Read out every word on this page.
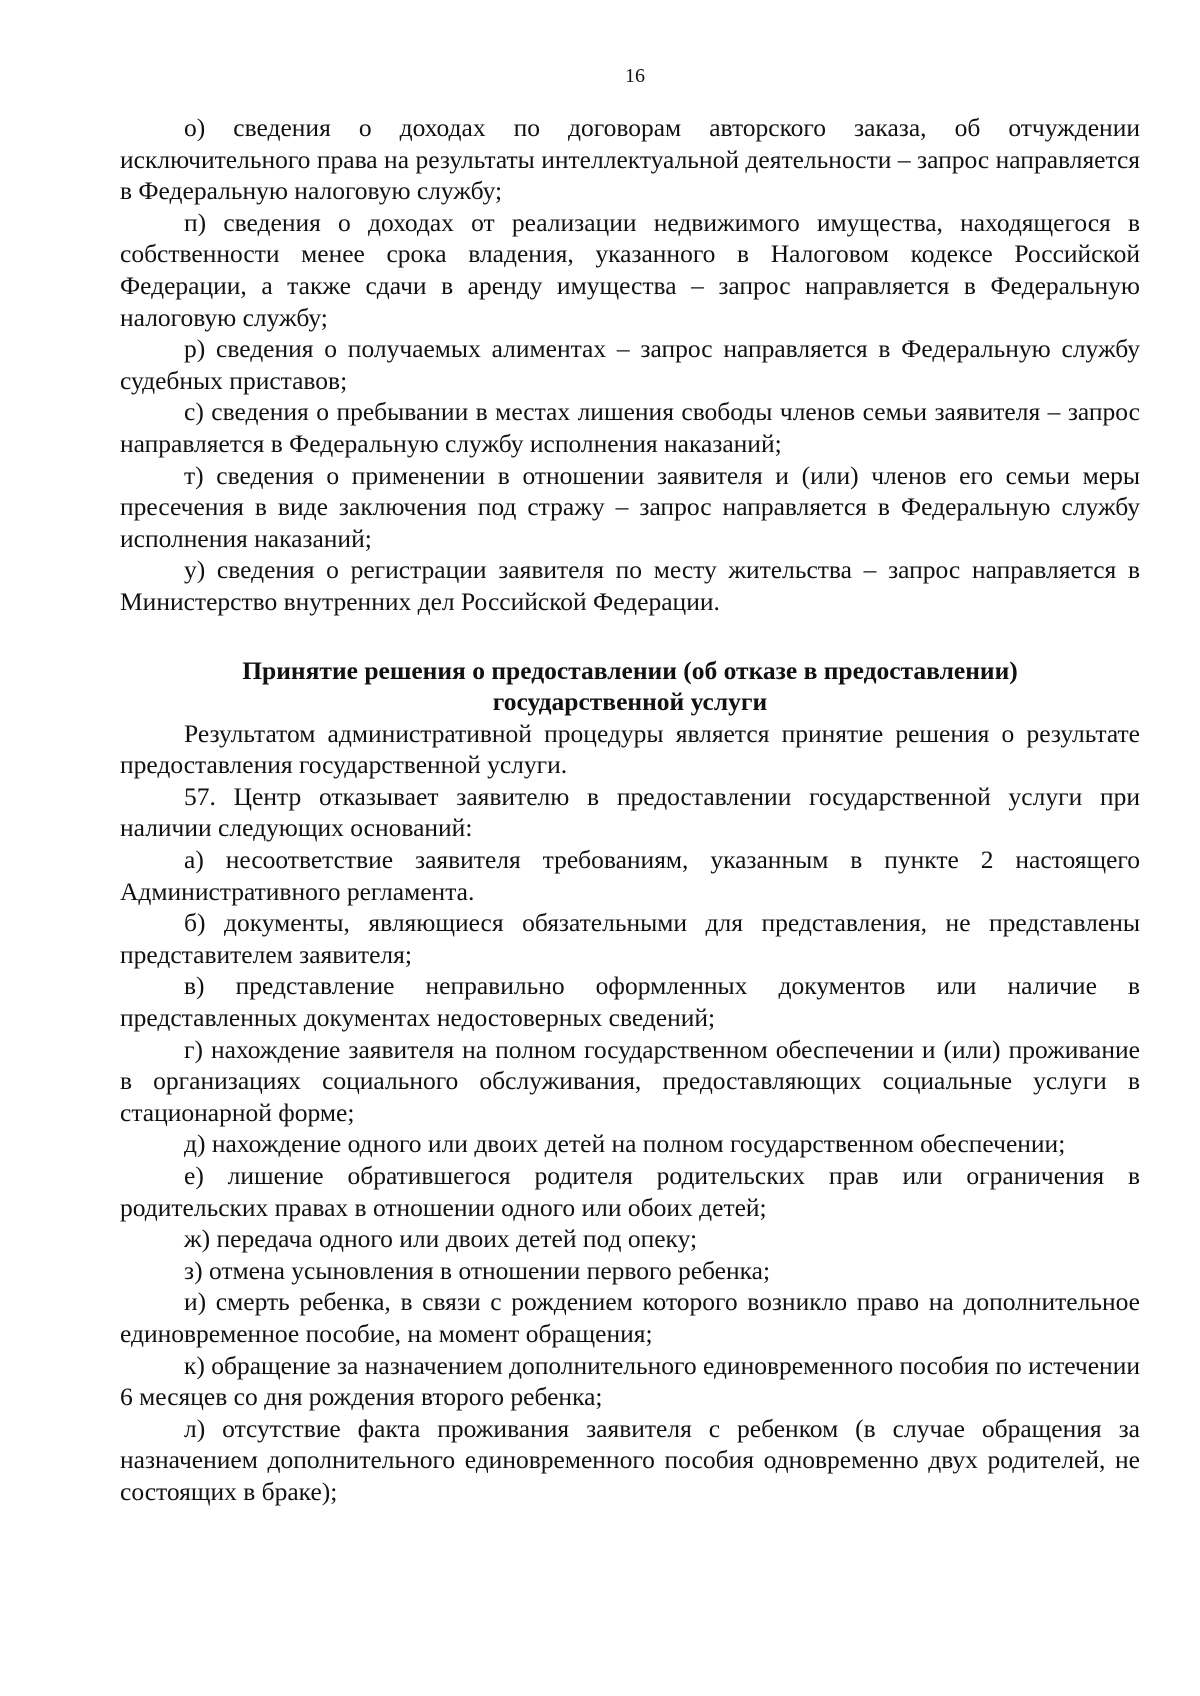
16

о) сведения о доходах по договорам авторского заказа, об отчуждении исключительного права на результаты интеллектуальной деятельности – запрос направляется в Федеральную налоговую службу;

п) сведения о доходах от реализации недвижимого имущества, находящегося в собственности менее срока владения, указанного в Налоговом кодексе Российской Федерации, а также сдачи в аренду имущества – запрос направляется в Федеральную налоговую службу;

р) сведения о получаемых алиментах – запрос направляется в Федеральную службу судебных приставов;

с) сведения о пребывании в местах лишения свободы членов семьи заявителя – запрос направляется в Федеральную службу исполнения наказаний;

т) сведения о применении в отношении заявителя и (или) членов его семьи меры пресечения в виде заключения под стражу – запрос направляется в Федеральную службу исполнения наказаний;

у) сведения о регистрации заявителя по месту жительства – запрос направляется в Министерство внутренних дел Российской Федерации.

Принятие решения о предоставлении (об отказе в предоставлении)
государственной услуги

Результатом административной процедуры является принятие решения о результате предоставления государственной услуги.

57. Центр отказывает заявителю в предоставлении государственной услуги при наличии следующих оснований:

а) несоответствие заявителя требованиям, указанным в пункте 2 настоящего Административного регламента.

б) документы, являющиеся обязательными для представления, не представлены представителем заявителя;

в) представление неправильно оформленных документов или наличие в представленных документах недостоверных сведений;

г) нахождение заявителя на полном государственном обеспечении и (или) проживание в организациях социального обслуживания, предоставляющих социальные услуги в стационарной форме;

д) нахождение одного или двоих детей на полном государственном обеспечении;

е) лишение обратившегося родителя родительских прав или ограничения в родительских правах в отношении одного или обоих детей;

ж) передача одного или двоих детей под опеку;

з) отмена усыновления в отношении первого ребенка;

и) смерть ребенка, в связи с рождением которого возникло право на дополнительное единовременное пособие, на момент обращения;

к) обращение за назначением дополнительного единовременного пособия по истечении 6 месяцев со дня рождения второго ребенка;

л) отсутствие факта проживания заявителя с ребенком (в случае обращения за назначением дополнительного единовременного пособия одновременно двух родителей, не состоящих в браке);
